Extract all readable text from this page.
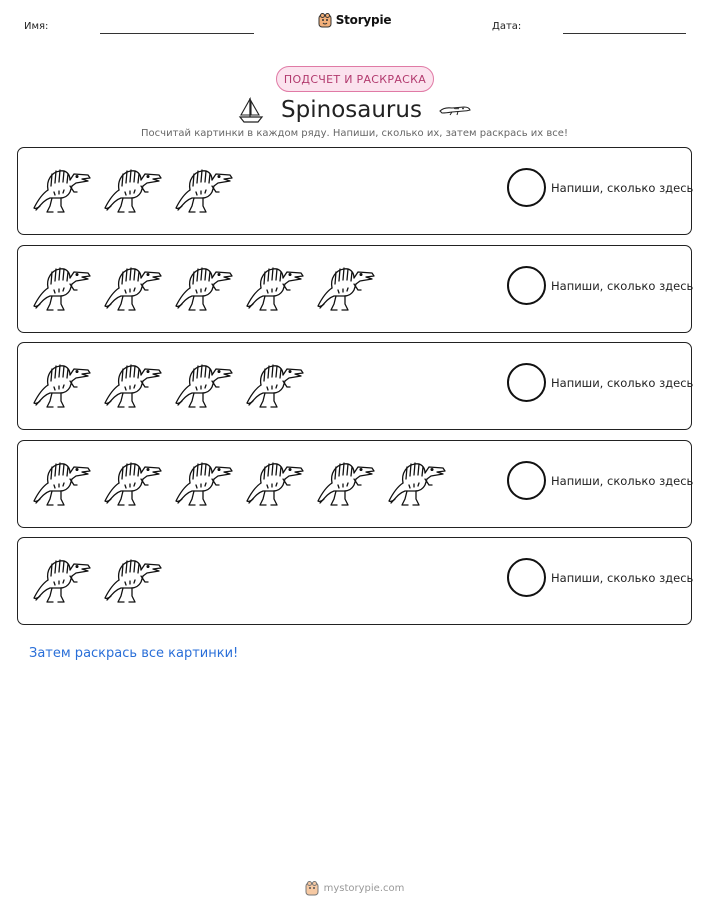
Имя:	Storypie	Дата:
ПОДСЧЕТ И РАСКРАСКА
Spinosaurus
Посчитай картинки в каждом ряду. Напиши, сколько их, затем раскрась их все!
Напиши, сколько здесь
Напиши, сколько здесь
Напиши, сколько здесь
Напиши, сколько здесь
Напиши, сколько здесь
Затем раскрась все картинки!
mystorypie.com
